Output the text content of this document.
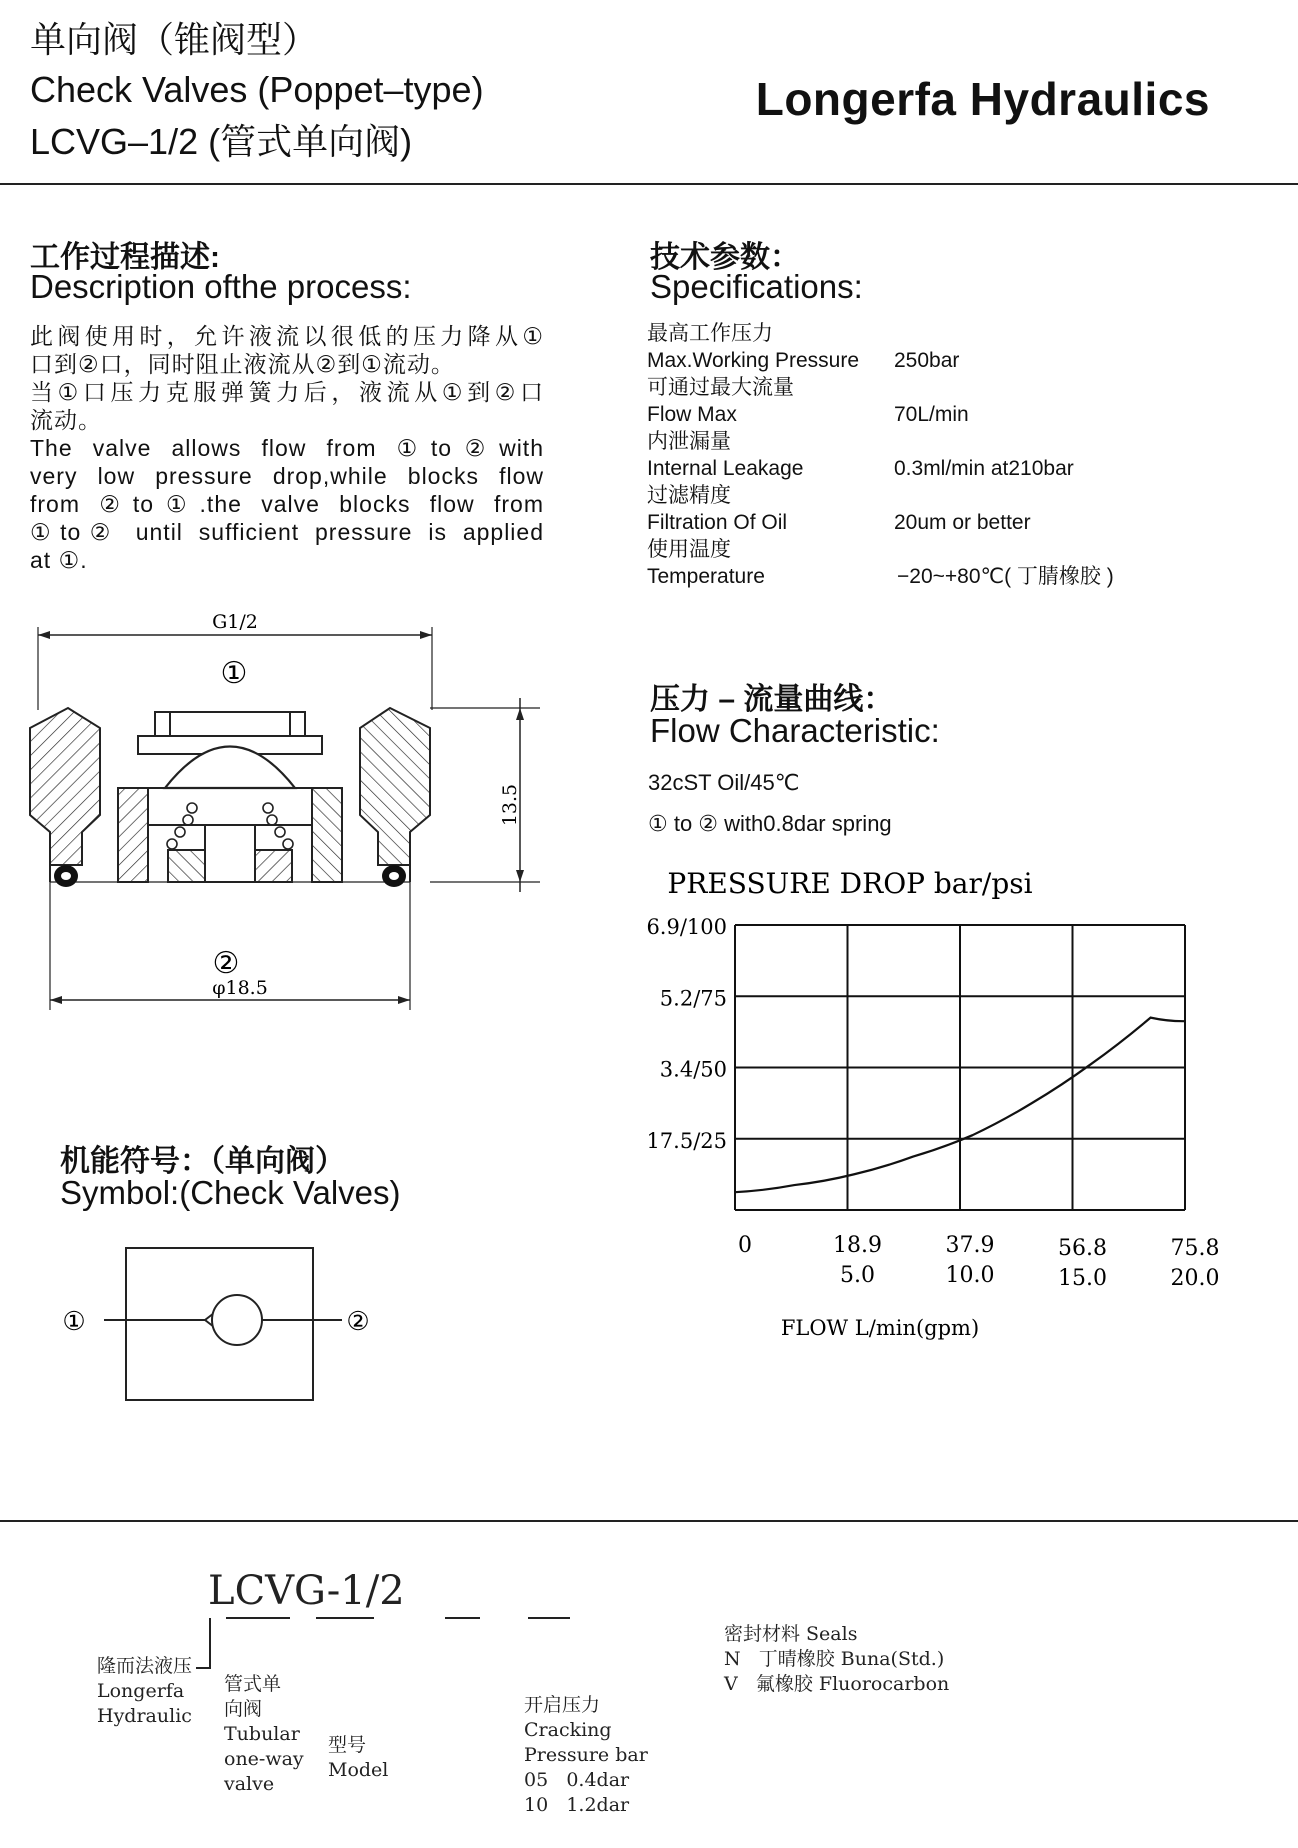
单向阀（锥阀型）
Check Valves (Poppet–type)
LCVG–1/2 (管式单向阀)
Longerfa Hydraulics
工作过程描述:
Description ofthe process:

此阀使用时，允许液流以很低的压力降从①

口到②口，同时阻止液流从②到①流动。

当①口压力克服弹簧力后，液流从①到②口

流动。

The valve allows flow from ①to②with

very low pressure drop,while blocks flow

from ②to①.the valve blocks flow from

①to② until sufficient pressure is applied

at ①.

技术参数：
Specifications:
最高工作压力
Max.Working Pressure 250bar
可通过最大流量
Flow Max	70L/min
内泄漏量
Internal Leakage	0.3ml/min at210bar
过滤精度
Filtration Of Oil	20um or better
使用温度
Temperature	−20~+80℃( 丁腈橡胶 )
G1/2
①
13.5
②
φ18.5
压力 – 流量曲线：
Flow Characteristic:
32cST Oil/45℃
① to ② with0.8dar spring
PRESSURE DROP bar/psi
17.5/25
3.4/50
5.2/75
6.9/100
0	18.9
5.0
37.9
10.0
56.8
15.0
75.8
20.0
FLOW L/min(gpm)
机能符号：（单向阀）
Symbol:(Check Valves)
①	②
LCVG-1/2
隆而法液压
Longerfa
Hydraulic
管式单
向阀
Tubular
one-way
valve
型号
Model
开启压力
Cracking
Pressure bar
05 0.4dar
10 1.2dar
密封材料 Seals
N 丁晴橡胶 Buna(Std.)
V 氟橡胶 Fluorocarbon
